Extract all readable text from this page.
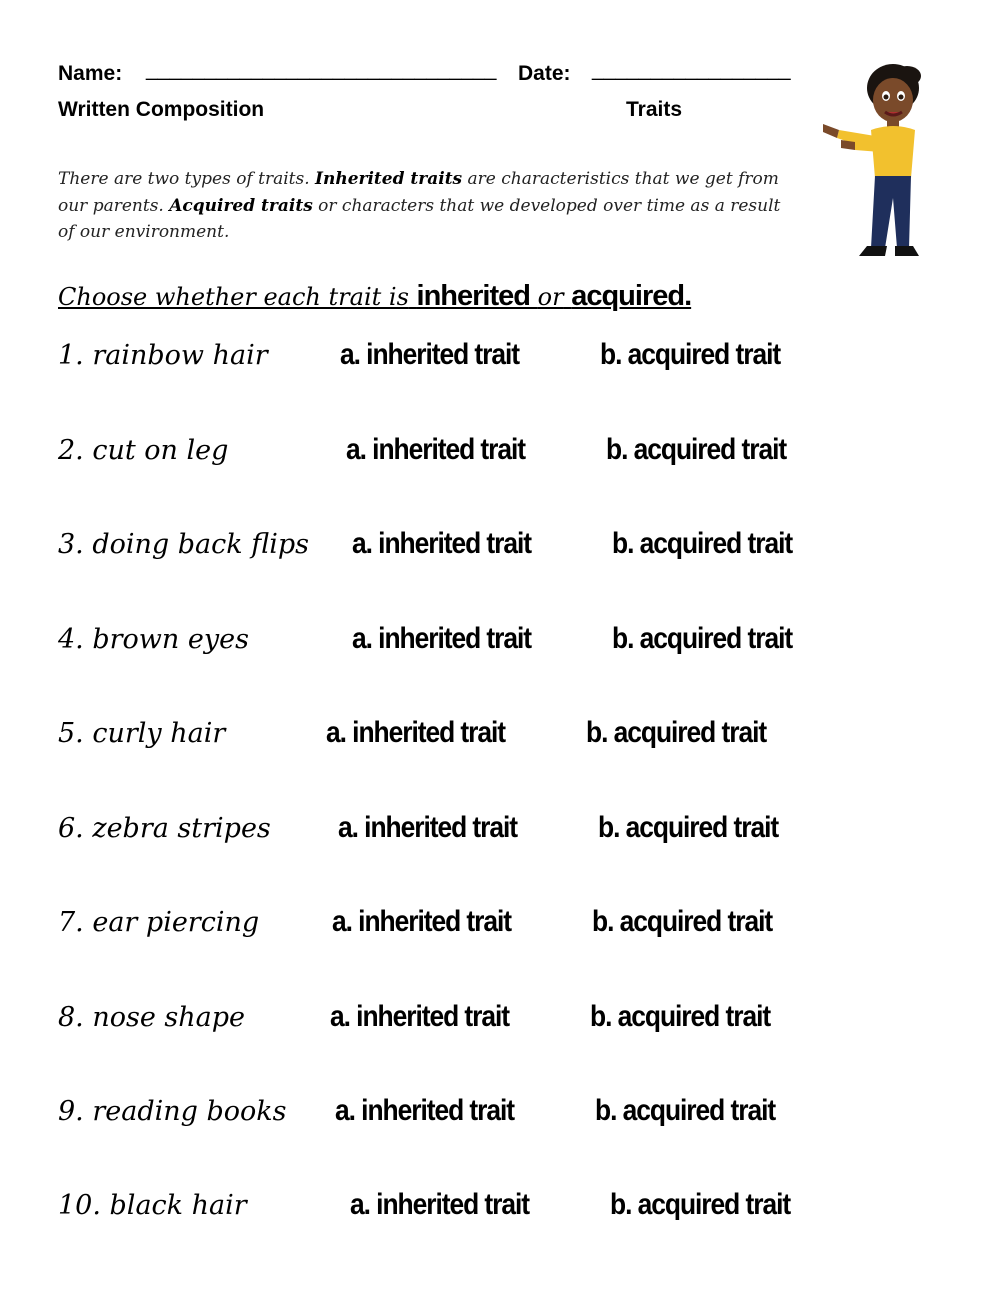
Name: ______________________________ Date: _________________
Written Composition	Traits
There are two types of traits. Inherited traits are characteristics that we get from our parents. Acquired traits or characters that we developed over time as a result of our environment.
Choose whether each trait is inherited or acquired.
1. rainbow hair a. inherited trait	b. acquired trait
2. cut on leg	a. inherited trait	b. acquired trait
3. doing back flips a. inherited trait	b. acquired trait
4. brown eyes	a. inherited trait	b. acquired trait
5. curly hair	a. inherited trait	b. acquired trait
6. zebra stripes a. inherited trait	b. acquired trait
7. ear piercing a. inherited trait	b. acquired trait
8. nose shape	a. inherited trait	b. acquired trait
9. reading books a. inherited trait	b. acquired trait
10. black hair	a. inherited trait	b. acquired trait
